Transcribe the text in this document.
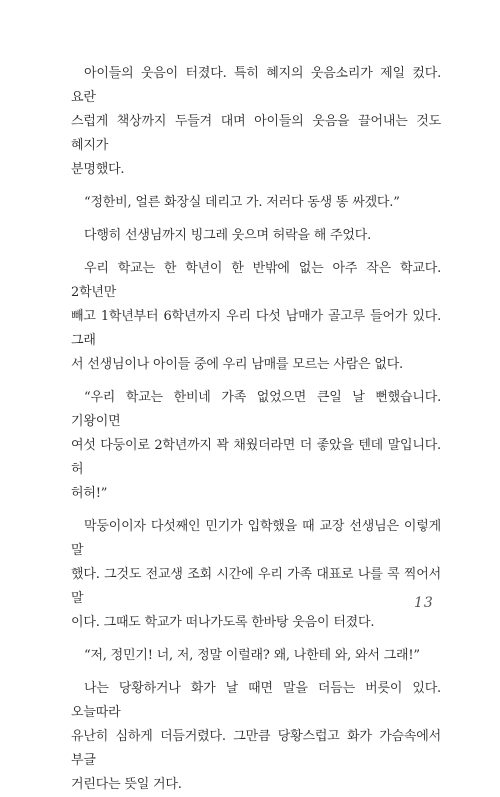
아이들의 웃음이 터졌다. 특히 혜지의 웃음소리가 제일 컸다. 요란
스럽게 책상까지 두들겨 대며 아이들의 웃음을 끌어내는 것도 혜지가
분명했다.

“정한비, 얼른 화장실 데리고 가. 저러다 동생 똥 싸겠다.”

다행히 선생님까지 빙그레 웃으며 허락을 해 주었다.

우리 학교는 한 학년이 한 반밖에 없는 아주 작은 학교다. 2학년만
빼고 1학년부터 6학년까지 우리 다섯 남매가 골고루 들어가 있다. 그래
서 선생님이나 아이들 중에 우리 남매를 모르는 사람은 없다.

“우리 학교는 한비네 가족 없었으면 큰일 날 뻔했습니다. 기왕이면
여섯 다둥이로 2학년까지 꽉 채웠더라면 더 좋았을 텐데 말입니다. 허
허허!”

막둥이이자 다섯째인 민기가 입학했을 때 교장 선생님은 이렇게 말
했다. 그것도 전교생 조회 시간에 우리 가족 대표로 나를 콕 찍어서 말
이다. 그때도 학교가 떠나가도록 한바탕 웃음이 터졌다.

“저, 정민기! 너, 저, 정말 이럴래? 왜, 나한테 와, 와서 그래!”

나는 당황하거나 화가 날 때면 말을 더듬는 버릇이 있다. 오늘따라
유난히 심하게 더듬거렸다. 그만큼 당황스럽고 화가 가슴속에서 부글
거린다는 뜻일 거다.

13
